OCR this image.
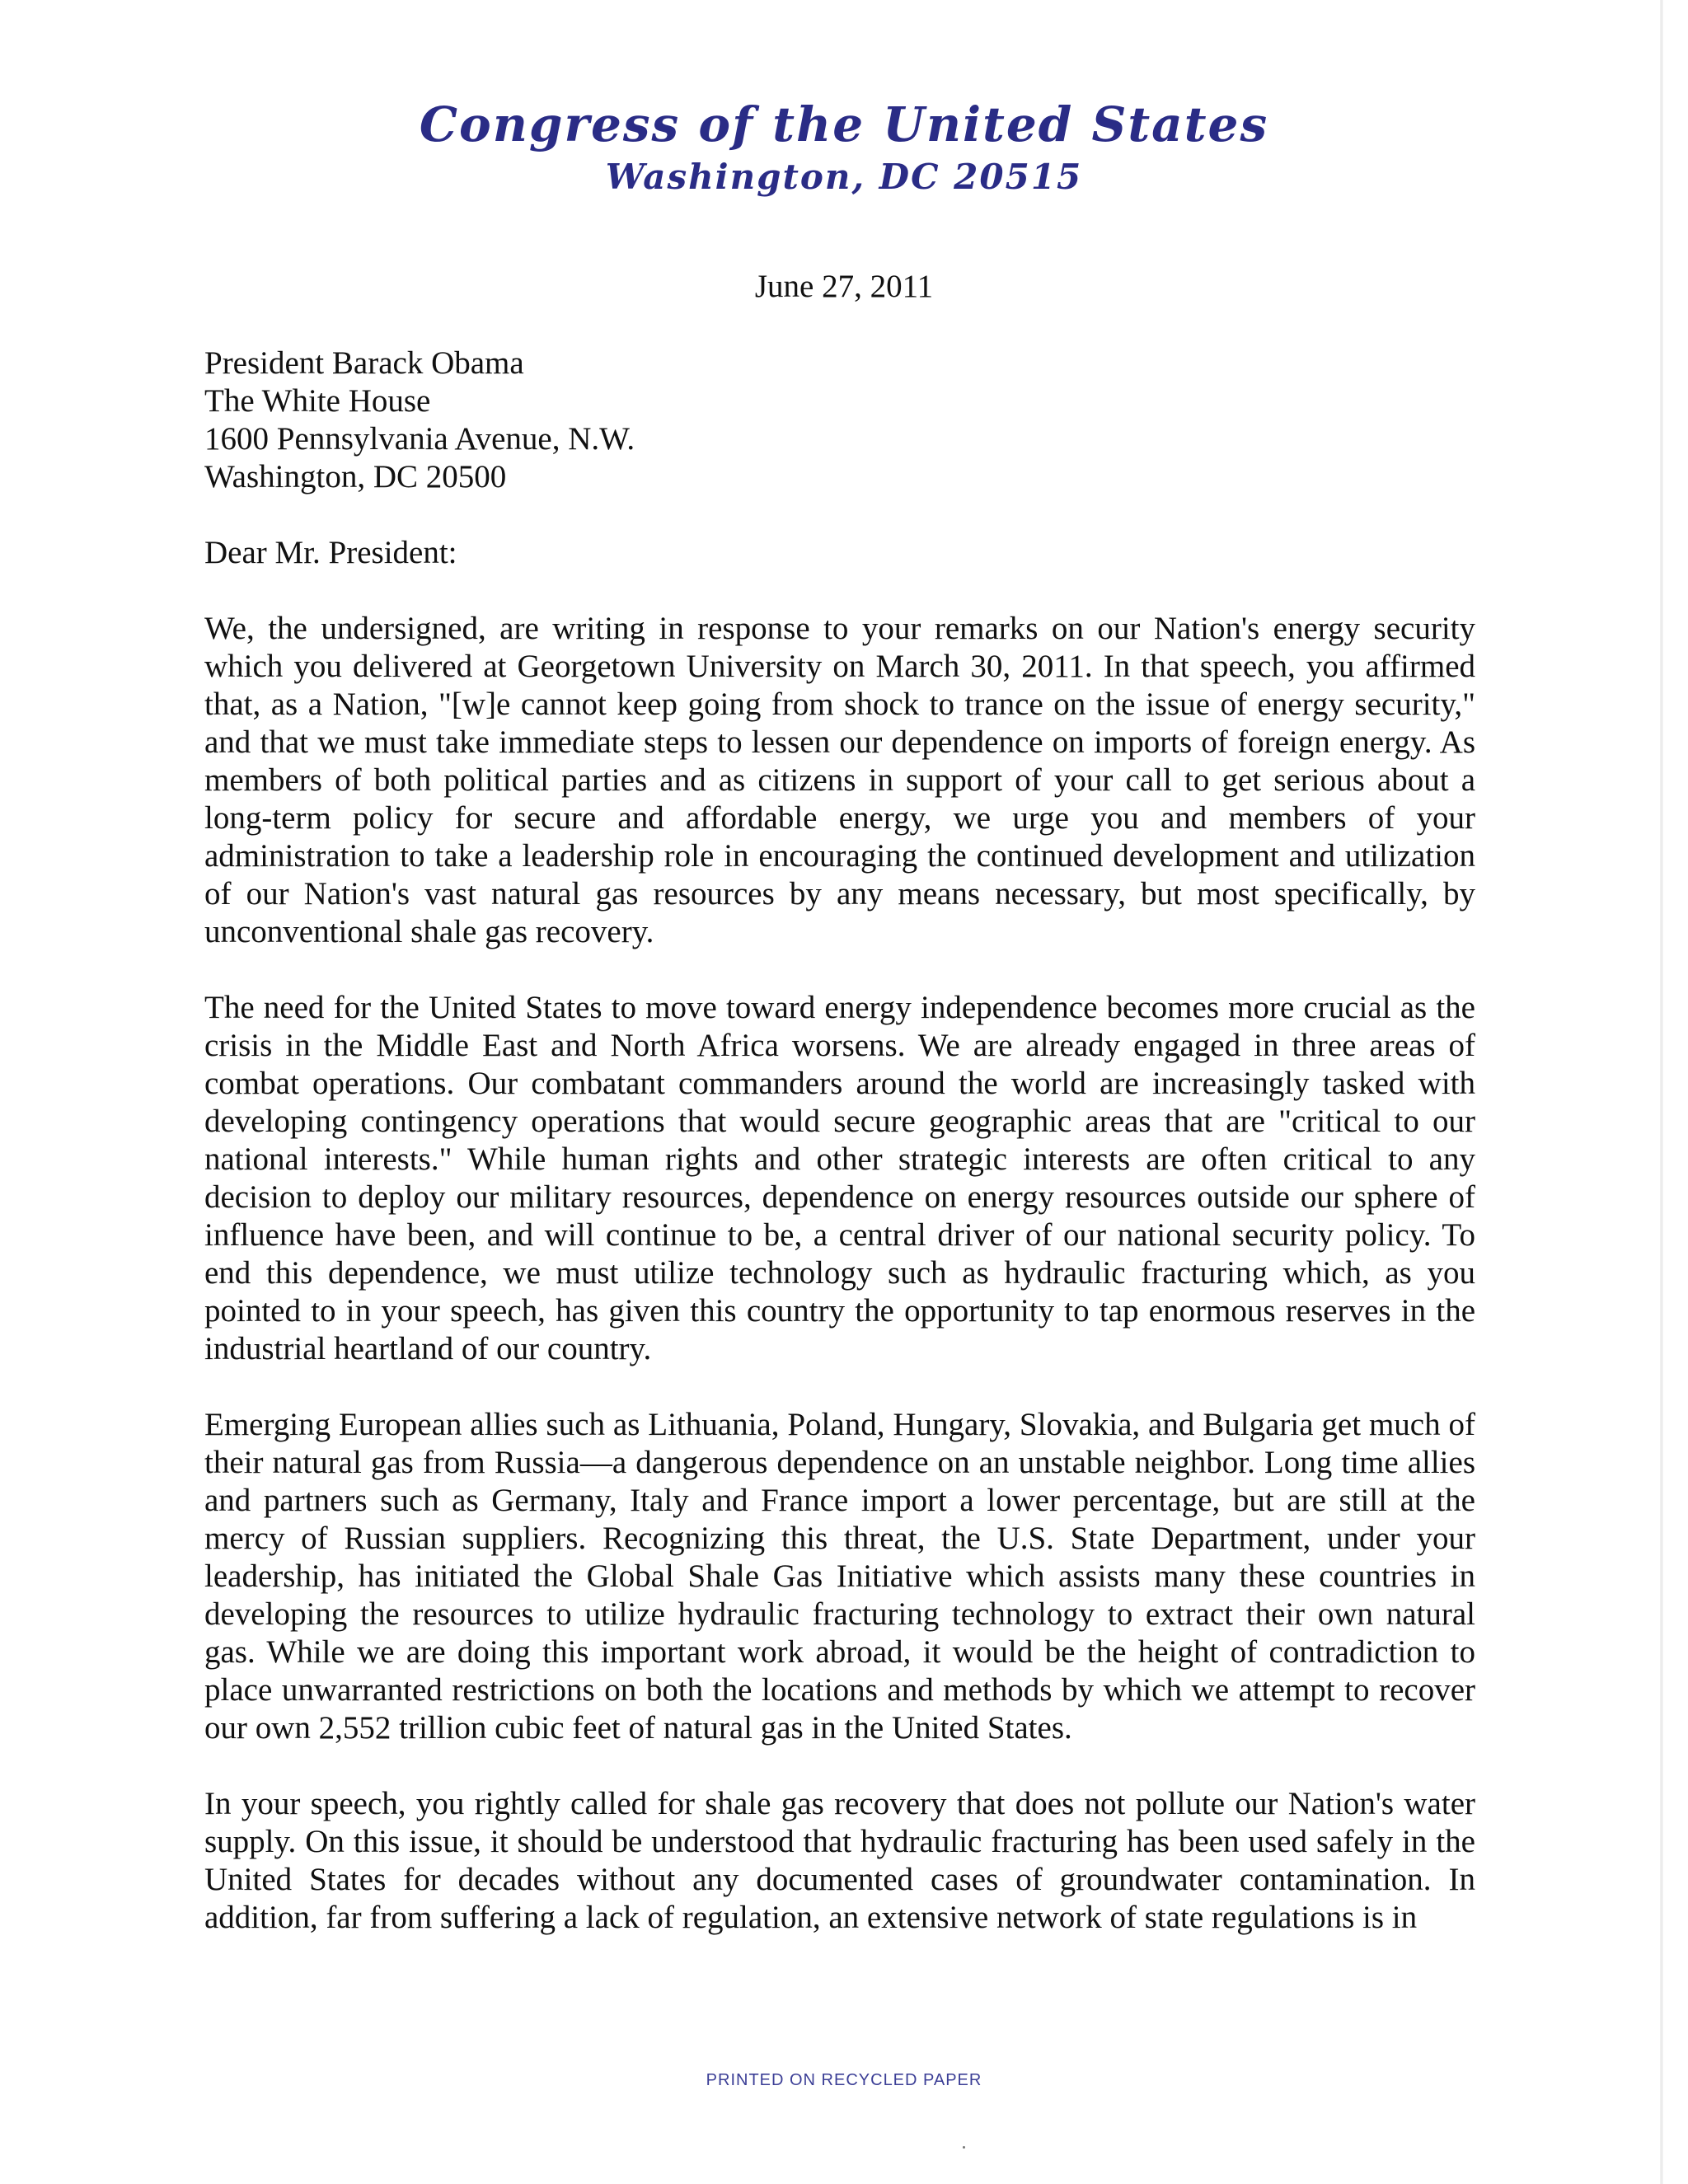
Congress of the United States
Washington, DC 20515
June 27, 2011
President Barack Obama
The White House
1600 Pennsylvania Avenue, N.W.
Washington, DC 20500

Dear Mr. President:

We, the undersigned, are writing in response to your remarks on our Nation's energy security which you delivered at Georgetown University on March 30, 2011. In that speech, you affirmed that, as a Nation, "[w]e cannot keep going from shock to trance on the issue of energy security," and that we must take immediate steps to lessen our dependence on imports of foreign energy. As members of both political parties and as citizens in support of your call to get serious about a long-term policy for secure and affordable energy, we urge you and members of your administration to take a leadership role in encouraging the continued development and utilization of our Nation's vast natural gas resources by any means necessary, but most specifically, by unconventional shale gas recovery.

The need for the United States to move toward energy independence becomes more crucial as the crisis in the Middle East and North Africa worsens. We are already engaged in three areas of combat operations. Our combatant commanders around the world are increasingly tasked with developing contingency operations that would secure geographic areas that are "critical to our national interests." While human rights and other strategic interests are often critical to any decision to deploy our military resources, dependence on energy resources outside our sphere of influence have been, and will continue to be, a central driver of our national security policy. To end this dependence, we must utilize technology such as hydraulic fracturing which, as you pointed to in your speech, has given this country the opportunity to tap enormous reserves in the industrial heartland of our country.

Emerging European allies such as Lithuania, Poland, Hungary, Slovakia, and Bulgaria get much of their natural gas from Russia—a dangerous dependence on an unstable neighbor. Long time allies and partners such as Germany, Italy and France import a lower percentage, but are still at the mercy of Russian suppliers. Recognizing this threat, the U.S. State Department, under your leadership, has initiated the Global Shale Gas Initiative which assists many these countries in developing the resources to utilize hydraulic fracturing technology to extract their own natural gas. While we are doing this important work abroad, it would be the height of contradiction to place unwarranted restrictions on both the locations and methods by which we attempt to recover our own 2,552 trillion cubic feet of natural gas in the United States.

In your speech, you rightly called for shale gas recovery that does not pollute our Nation's water supply. On this issue, it should be understood that hydraulic fracturing has been used safely in the United States for decades without any documented cases of groundwater contamination. In addition, far from suffering a lack of regulation, an extensive network of state regulations is in

PRINTED ON RECYCLED PAPER
